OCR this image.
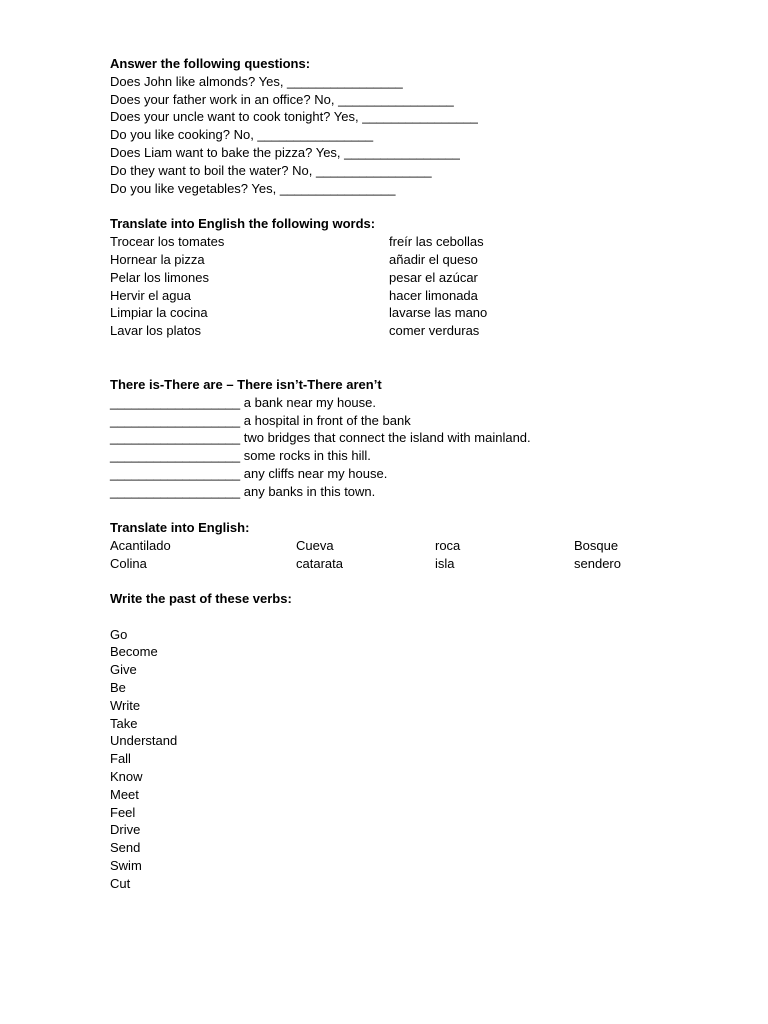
Answer the following questions:
Does John like almonds? Yes, ________________
Does your father work in an office? No, ________________
Does your uncle want to cook tonight? Yes, ________________
Do you like cooking? No, ________________
Does Liam want to bake the pizza? Yes, ________________
Do they want to boil the water? No, ________________
Do you like vegetables? Yes, ________________
Translate into English the following words:
Trocear los tomates	freír las cebollas
Hornear la pizza	añadir el queso
Pelar los limones	pesar el azúcar
Hervir el agua	hacer limonada
Limpiar la cocina	lavarse las mano
Lavar los platos	comer verduras
There is-There are – There isn’t-There aren’t
__________________ a bank near my house.
__________________ a hospital in front of the bank
__________________ two bridges that connect the island with mainland.
__________________ some rocks in this hill.
__________________ any cliffs near my house.
__________________ any banks in this town.
Translate into English:
Acantilado	Cueva	roca	Bosque
Colina	catarata	isla	sendero
Write the past of these verbs:
Go
Become
Give
Be
Write
Take
Understand
Fall
Know
Meet
Feel
Drive
Send
Swim
Cut
